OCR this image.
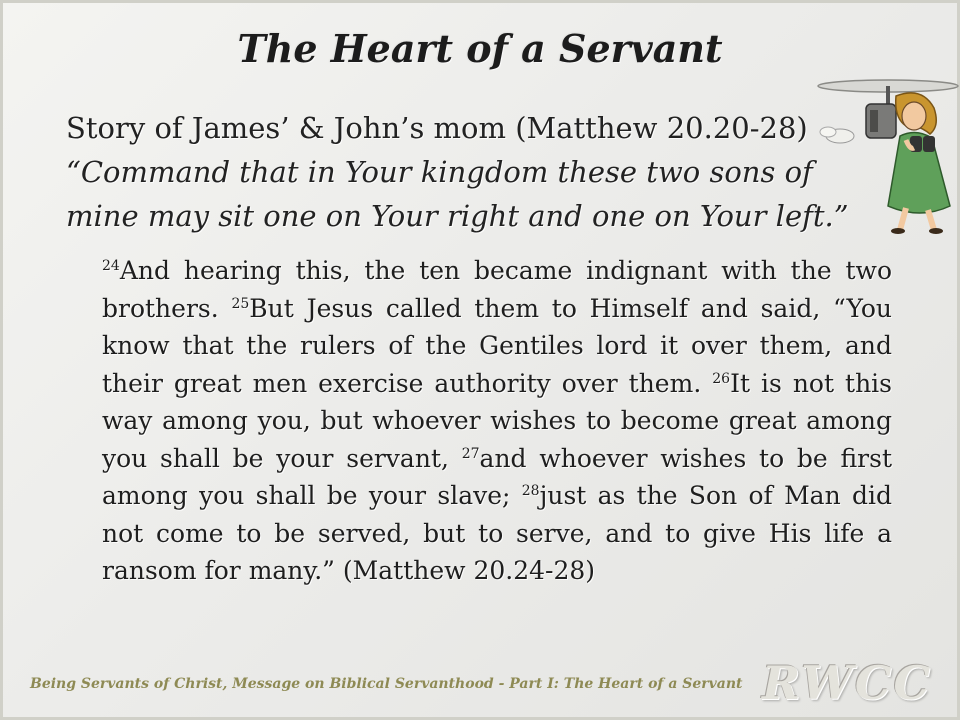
The Heart of a Servant
Story of James’ & John’s mom (Matthew 20.20-28)
“Command that in Your kingdom these two sons of
mine may sit one on Your right and one on Your left.”
$^{24}$And hearing this, the ten became indignant with the two brothers. $^{25}$But Jesus called them to Himself and said, “You know that the rulers of the Gentiles lord it over them, and their great men exercise authority over them. $^{26}$It is not this way among you, but whoever wishes to become great among you shall be your servant, $^{27}$and whoever wishes to be first among you shall be your slave; $^{28}$just as the Son of Man did not come to be served, but to serve, and to give His life a ransom for many.” (Matthew 20.24-28)
Being Servants of Christ, Message on Biblical Servanthood - Part I: The Heart of a Servant RWCC
